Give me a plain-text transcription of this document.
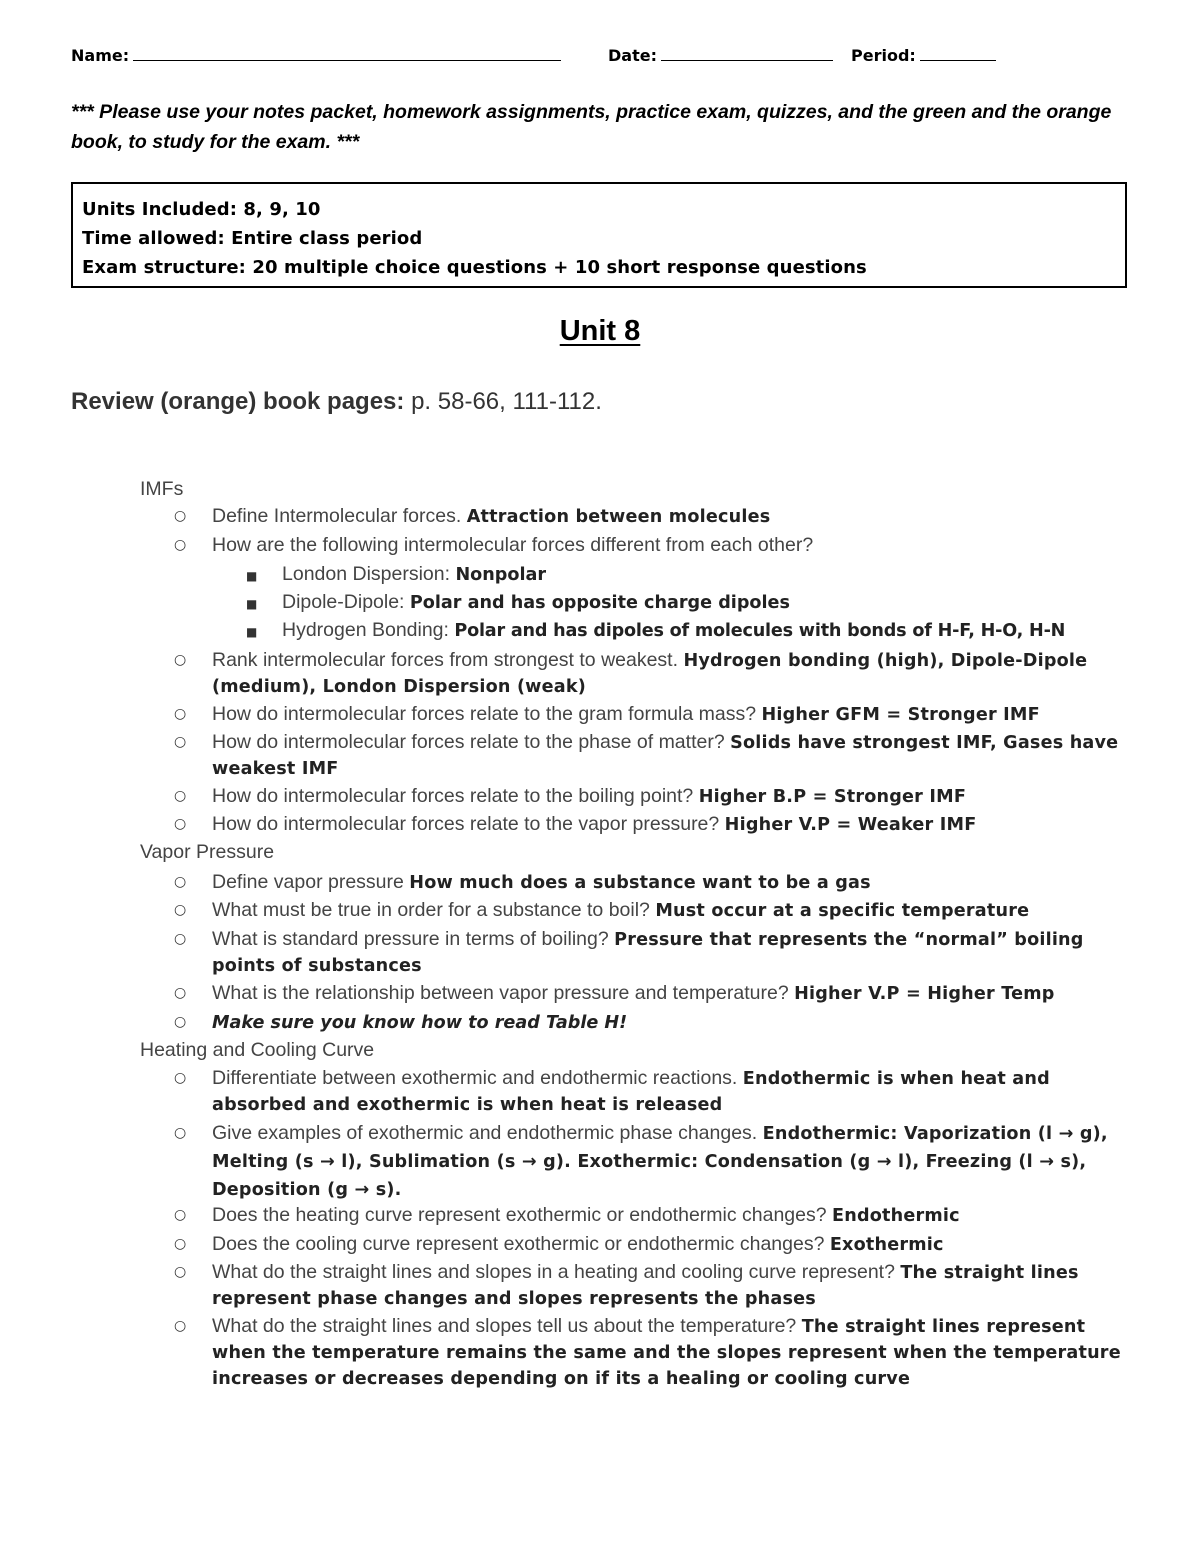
Name:	Date:	Period:
*** Please use your notes packet, homework assignments, practice exam, quizzes, and the green and the orange book, to study for the exam. ***
Units Included: 8, 9, 10
Time allowed: Entire class period
Exam structure: 20 multiple choice questions + 10 short response questions
Unit 8
Review (orange) book pages: p. 58-66, 111-112.
IMFs
○ Define Intermolecular forces. Attraction between molecules
○ How are the following intermolecular forces different from each other?
■ London Dispersion: Nonpolar
■ Dipole-Dipole: Polar and has opposite charge dipoles
■ Hydrogen Bonding: Polar and has dipoles of molecules with bonds of H-F, H-O, H-N
○ Rank intermolecular forces from strongest to weakest. Hydrogen bonding (high), Dipole-Dipole (medium), London Dispersion (weak)
○ How do intermolecular forces relate to the gram formula mass? Higher GFM = Stronger IMF
○ How do intermolecular forces relate to the phase of matter? Solids have strongest IMF, Gases have weakest IMF
○ How do intermolecular forces relate to the boiling point? Higher B.P = Stronger IMF
○ How do intermolecular forces relate to the vapor pressure? Higher V.P = Weaker IMF
Vapor Pressure
○ Define vapor pressure How much does a substance want to be a gas
○ What must be true in order for a substance to boil? Must occur at a specific temperature
○ What is standard pressure in terms of boiling? Pressure that represents the “normal” boiling points of substances
○ What is the relationship between vapor pressure and temperature? Higher V.P = Higher Temp
○ Make sure you know how to read Table H!
Heating and Cooling Curve
○ Differentiate between exothermic and endothermic reactions. Endothermic is when heat and absorbed and exothermic is when heat is released
○ Give examples of exothermic and endothermic phase changes. Endothermic: Vaporization (l → g), Melting (s → l), Sublimation (s → g). Exothermic: Condensation (g → l), Freezing (l → s), Deposition (g → s).
○ Does the heating curve represent exothermic or endothermic changes? Endothermic
○ Does the cooling curve represent exothermic or endothermic changes? Exothermic
○ What do the straight lines and slopes in a heating and cooling curve represent? The straight lines represent phase changes and slopes represents the phases
○ What do the straight lines and slopes tell us about the temperature? The straight lines represent when the temperature remains the same and the slopes represent when the temperature increases or decreases depending on if its a healing or cooling curve
